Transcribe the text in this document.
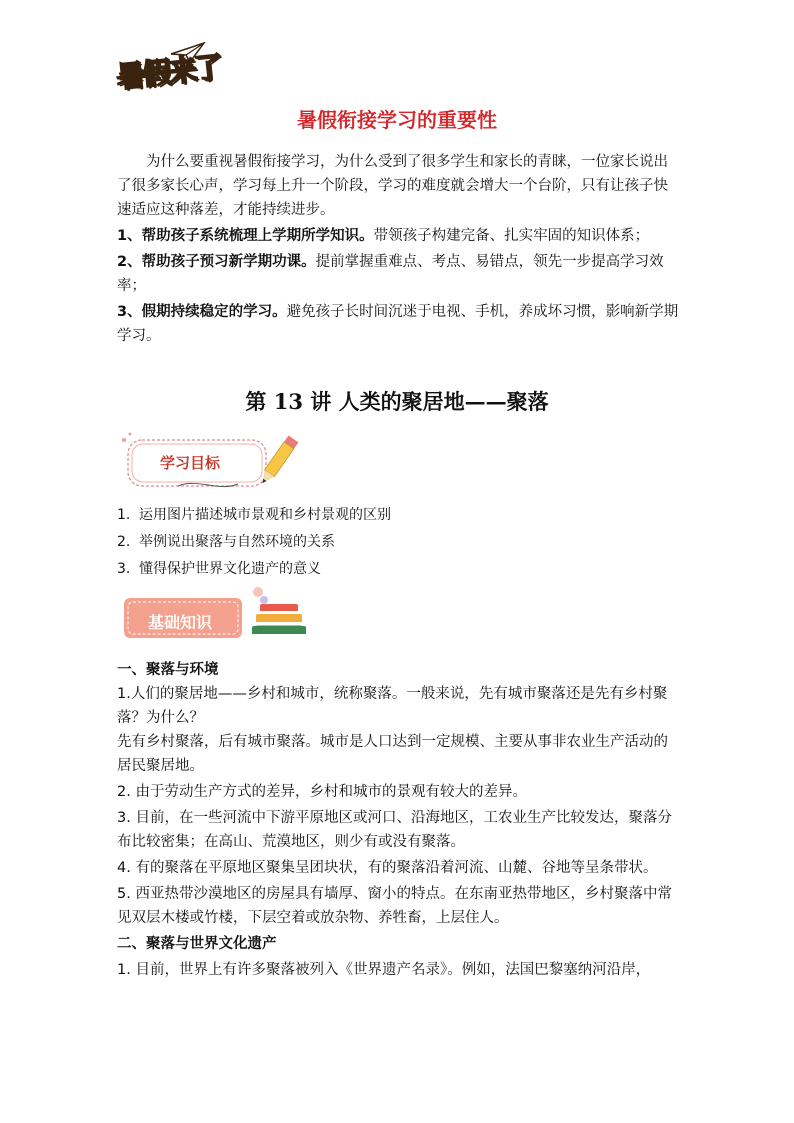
暑假来了
暑假衔接学习的重要性

为什么要重视暑假衔接学习，为什么受到了很多学生和家长的青睐，一位家长说出了很多家长心声，学习每上升一个阶段，学习的难度就会增大一个台阶，只有让孩子快速适应这种落差，才能持续进步。

1、帮助孩子系统梳理上学期所学知识。带领孩子构建完备、扎实牢固的知识体系；

2、帮助孩子预习新学期功课。提前掌握重难点、考点、易错点，领先一步提高学习效率；

3、假期持续稳定的学习。避免孩子长时间沉迷于电视、手机，养成坏习惯，影响新学期学习。

第 13 讲 人类的聚居地——聚落
学习目标
1. 运用图片描述城市景观和乡村景观的区别
2. 举例说出聚落与自然环境的关系
3. 懂得保护世界文化遗产的意义
基础知识

一、聚落与环境

1.人们的聚居地——乡村和城市，统称聚落。一般来说，先有城市聚落还是先有乡村聚落？为什么？

先有乡村聚落，后有城市聚落。城市是人口达到一定规模、主要从事非农业生产活动的居民聚居地。

2. 由于劳动生产方式的差异，乡村和城市的景观有较大的差异。

3. 目前，在一些河流中下游平原地区或河口、沿海地区，工农业生产比较发达，聚落分布比较密集；在高山、荒漠地区，则少有或没有聚落。

4. 有的聚落在平原地区聚集呈团块状，有的聚落沿着河流、山麓、谷地等呈条带状。

5. 西亚热带沙漠地区的房屋具有墙厚、窗小的特点。在东南亚热带地区，乡村聚落中常见双层木楼或竹楼，下层空着或放杂物、养牲畜，上层住人。

二、聚落与世界文化遗产

1. 目前，世界上有许多聚落被列入《世界遗产名录》。例如，法国巴黎塞纳河沿岸，
